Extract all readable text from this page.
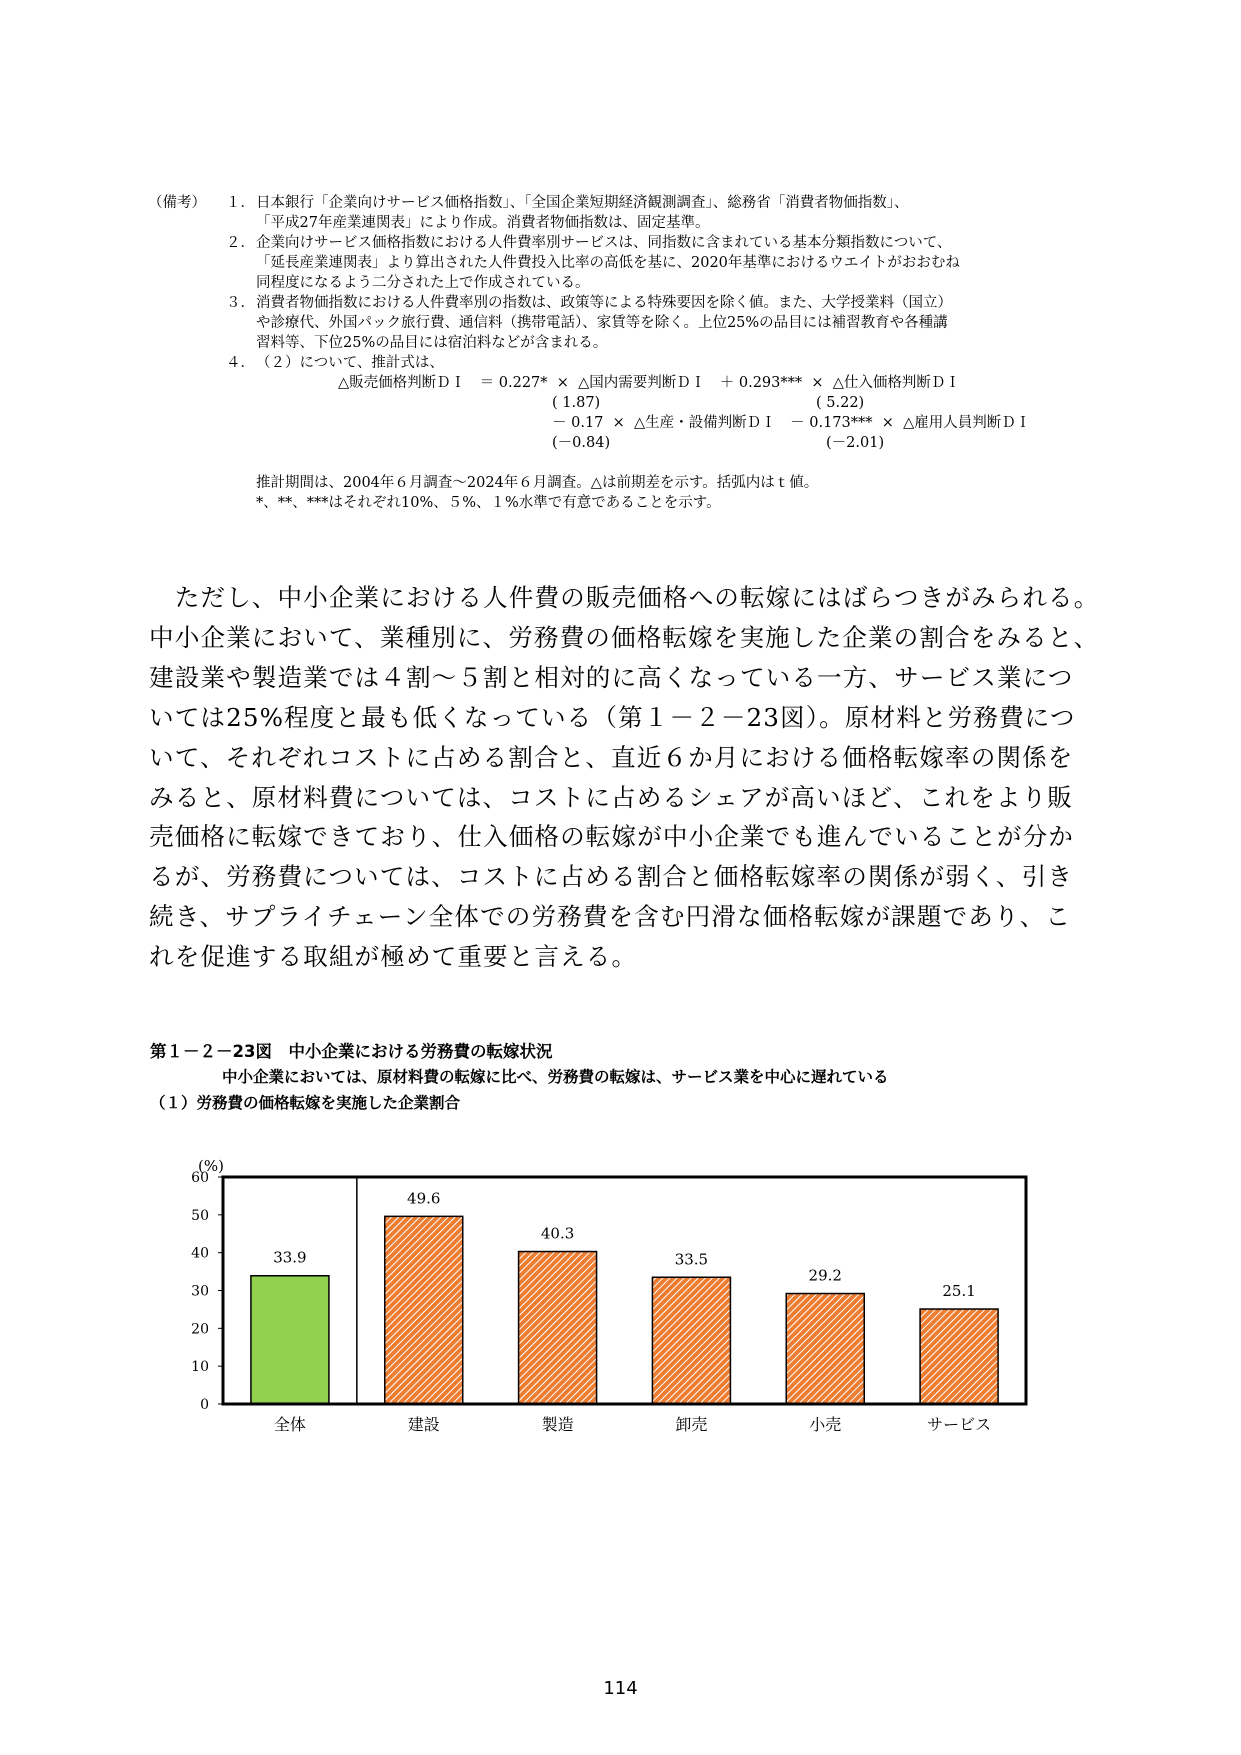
（備考）	１． 日本銀行「企業向けサービス価格指数」、「全国企業短期経済観測調査」、総務省「消費者物価指数」、
「平成27年産業連関表」により作成。消費者物価指数は、固定基準。
２． 企業向けサービス価格指数における人件費率別サービスは、同指数に含まれている基本分類指数について、
「延長産業連関表」より算出された人件費投入比率の高低を基に、2020年基準におけるウエイトがおおむね
同程度になるよう二分された上で作成されている。
３． 消費者物価指数における人件費率別の指数は、政策等による特殊要因を除く値。また、大学授業料（国立）
や診療代、外国パック旅行費、通信料（携帯電話）、家賃等を除く。上位25%の品目には補習教育や各種講
習料等、下位25%の品目には宿泊料などが含まれる。
４． （２）について、推計式は、
△販売価格判断ＤＩ　＝ 0.227*  ×  △国内需要判断ＤＩ　＋ 0.293***  ×  △仕入価格判断ＤＩ
( 1.87)	( 5.22)
－ 0.17  ×  △生産・設備判断ＤＩ　－ 0.173***  ×  △雇用人員判断ＤＩ
(－0.84)	(－2.01)
推計期間は、2004年６月調査～2024年６月調査。△は前期差を示す。括弧内はｔ値。
*、**、***はそれぞれ10%、５%、１%水準で有意であることを示す。
　ただし、中小企業における人件費の販売価格への転嫁にはばらつきがみられる。
中小企業において、業種別に、労務費の価格転嫁を実施した企業の割合をみると、
建設業や製造業では４割～５割と相対的に高くなっている一方、サービス業につ
いては25%程度と最も低くなっている（第１－２－23図）。原材料と労務費につ
いて、それぞれコストに占める割合と、直近６か月における価格転嫁率の関係を
みると、原材料費については、コストに占めるシェアが高いほど、これをより販
売価格に転嫁できており、仕入価格の転嫁が中小企業でも進んでいることが分か
るが、労務費については、コストに占める割合と価格転嫁率の関係が弱く、引き
続き、サプライチェーン全体での労務費を含む円滑な価格転嫁が課題であり、こ
れを促進する取組が極めて重要と言える。
第１－２－23図　中小企業における労務費の転嫁状況
中小企業においては、原材料費の転嫁に比べ、労務費の転嫁は、サービス業を中心に遅れている
（１）労務費の価格転嫁を実施した企業割合
(%)
0
10
20
30
40
50
60
33.9
全体
49.6
建設
40.3
製造
33.5
卸売
29.2
小売
25.1
サービス
114
